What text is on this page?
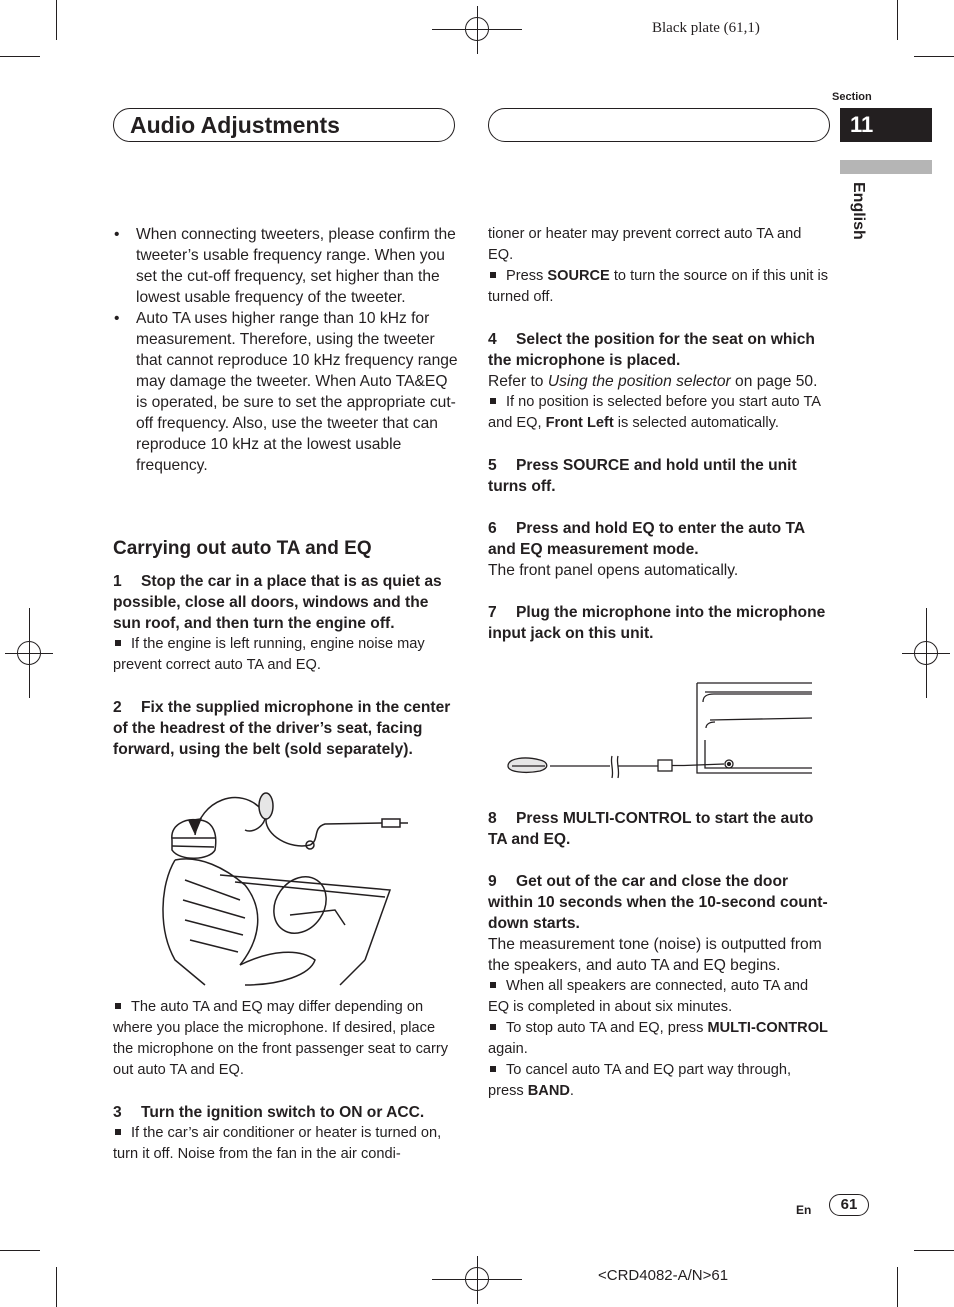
Black plate (61,1)
Section
11
Audio Adjustments
English

• When connecting tweeters, please confirm the tweeter’s usable frequency range. When you set the cut-off frequency, set higher than the lowest usable frequency of the tweeter.

• Auto TA uses higher range than 10 kHz for measurement. Therefore, using the tweeter that cannot reproduce 10 kHz frequency range may damage the tweeter. When Auto TA&EQ is operated, be sure to set the appropriate cut-off frequency. Also, use the tweeter that can reproduce 10 kHz at the lowest usable frequency.

Carrying out auto TA and EQ

1 Stop the car in a place that is as quiet as possible, close all doors, windows and the sun roof, and then turn the engine off.

If the engine is left running, engine noise may prevent correct auto TA and EQ.

2 Fix the supplied microphone in the center of the headrest of the driver’s seat, facing forward, using the belt (sold separately).

The auto TA and EQ may differ depending on where you place the microphone. If desired, place the microphone on the front passenger seat to carry out auto TA and EQ.

3 Turn the ignition switch to ON or ACC.

If the car’s air conditioner or heater is turned on, turn it off. Noise from the fan in the air condi-

tioner or heater may prevent correct auto TA and EQ.

Press SOURCE to turn the source on if this unit is turned off.

4 Select the position for the seat on which the microphone is placed.

Refer to Using the position selector on page 50.

If no position is selected before you start auto TA and EQ, Front Left is selected automatically.

5 Press SOURCE and hold until the unit turns off.

6 Press and hold EQ to enter the auto TA and EQ measurement mode.

The front panel opens automatically.

7 Plug the microphone into the microphone input jack on this unit.

8 Press MULTI-CONTROL to start the auto TA and EQ.

9 Get out of the car and close the door within 10 seconds when the 10-second count-down starts.

The measurement tone (noise) is outputted from the speakers, and auto TA and EQ begins.

When all speakers are connected, auto TA and EQ is completed in about six minutes.

To stop auto TA and EQ, press MULTI-CONTROL again.

To cancel auto TA and EQ part way through, press BAND.

En	61
<CRD4082-A/N>61
